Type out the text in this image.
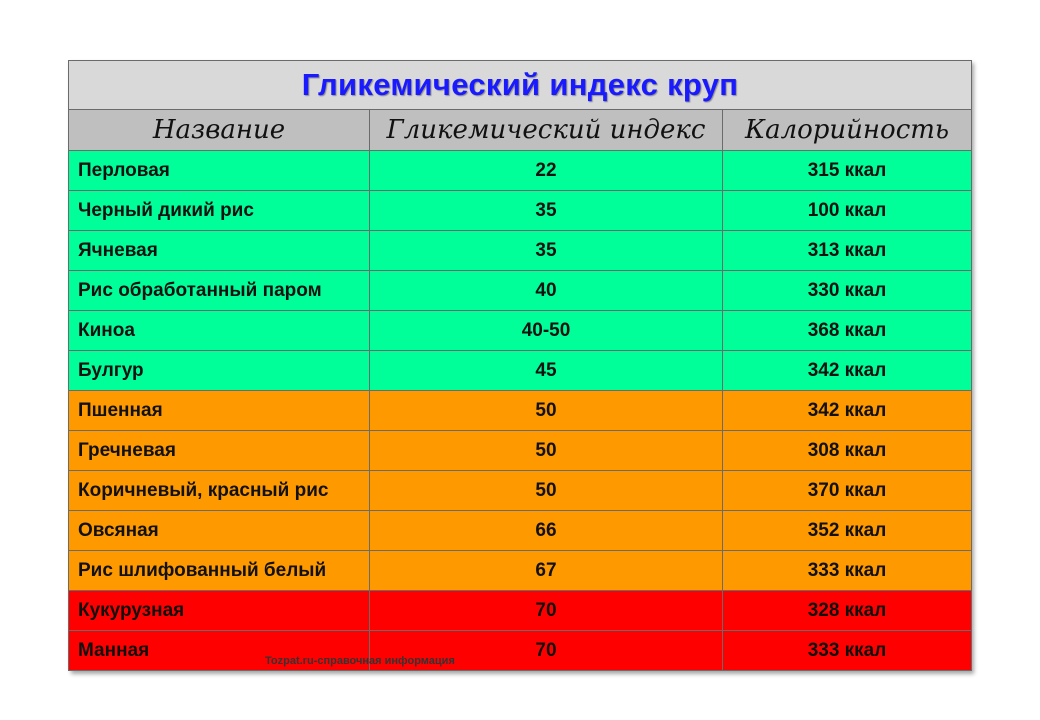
Гликемический индекс круп		
Название	Гликемический индекс	Калорийность
Перловая	22	315 ккал
Черный дикий рис	35	100 ккал
Ячневая	35	313 ккал
Рис обработанный паром	40	330 ккал
Киноа	40-50	368 ккал
Булгур	45	342 ккал
Пшенная	50	342 ккал
Гречневая	50	308 ккал
Коричневый, красный рис	50	370 ккал
Овсяная	66	352 ккал
Рис шлифованный белый	67	333 ккал
Кукурузная	70	328 ккал
Манная	70	333 ккал
Tozpat.ru-справочная информация
